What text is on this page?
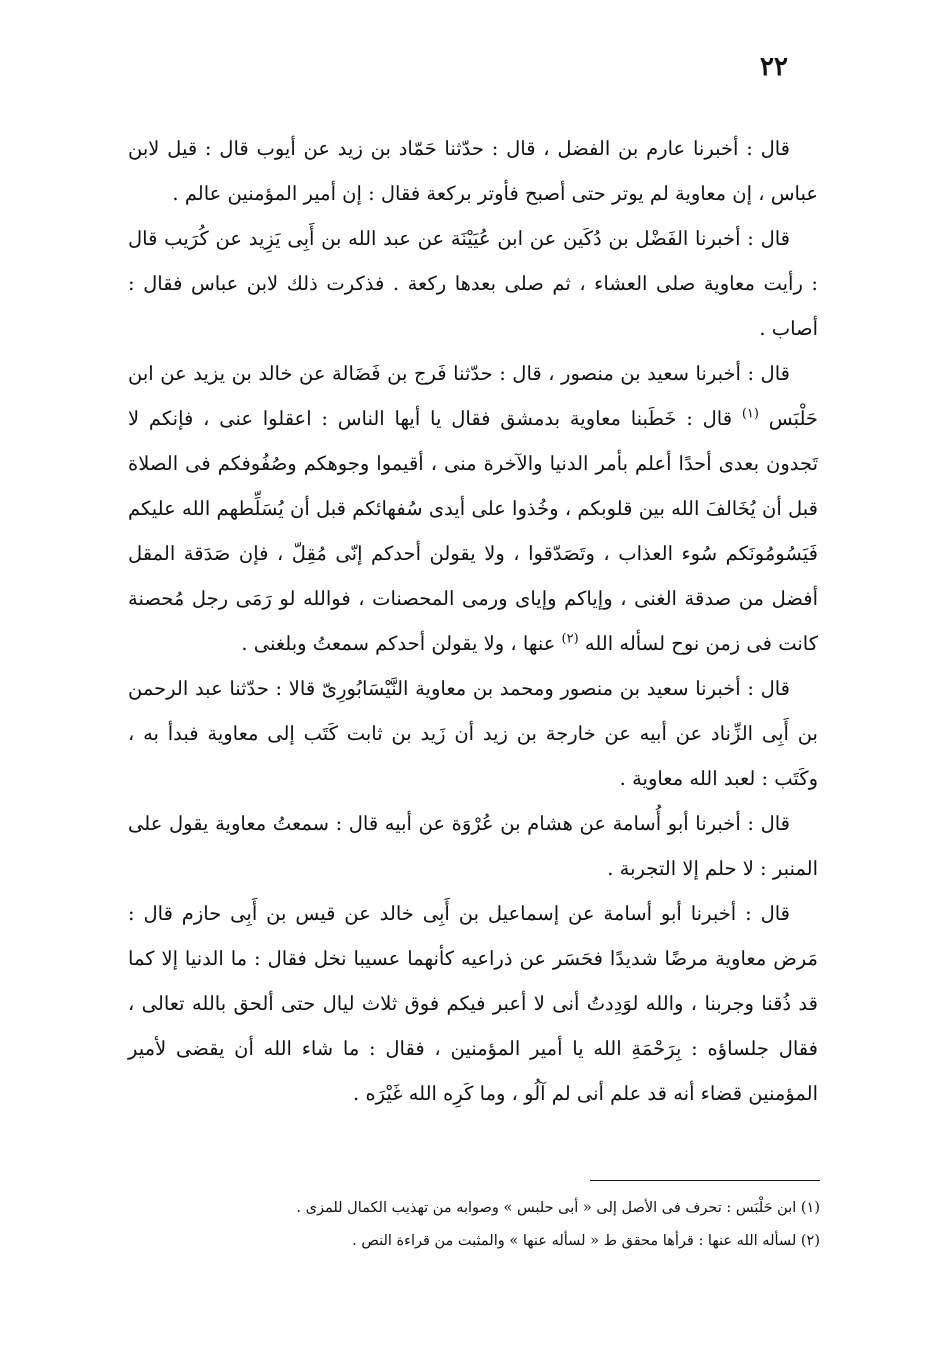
٢٢

قال : أخبرنا عارم بن الفضل ، قال : حدّثنا حَمّاد بن زيد عن أيوب قال : قيل لابن عباس ، إن معاوية لم يوتر حتى أصبح فأوتر بركعة فقال : إن أمير المؤمنين عالم .

قال : أخبرنا الفَضْل بن دُكَين عن ابن عُيَيْنَة عن عبد الله بن أَبِى يَزِيد عن كُرَيب قال : رأيت معاوية صلى العشاء ، ثم صلى بعدها ركعة . فذكرت ذلك لابن عباس فقال : أصاب .

قال : أخبرنا سعيد بن منصور ، قال : حدّثنا فَرج بن فَضَالة عن خالد بن يزيد عن ابن حَلْبَس $^{(١)}$ قال : خَطَبنا معاوية بدمشق فقال يا أيها الناس : اعقلوا عنى ، فإنكم لا تَجدون بعدى أحدًا أعلم بأمر الدنيا والآخرة منى ، أقيموا وجوهكم وصُفُوفكم فى الصلاة قبل أن يُخَالفَ الله بين قلوبكم ، وخُذوا على أيدى سُفهائكم قبل أن يُسَلِّطهم الله عليكم فَيَسُومُونَكم سُوء العذاب ، وتَصَدّقوا ، ولا يقولن أحدكم إنّى مُقِلّ ، فإن صَدَقة المقل أفضل من صدقة الغنى ، وإياكم وإياى ورمى المحصنات ، فوالله لو رَمَى رجل مُحصنة كانت فى زمن نوح لسأله الله $^{(٢)}$ عنها ، ولا يقولن أحدكم سمعتُ وبلغنى .

قال : أخبرنا سعيد بن منصور ومحمد بن معاوية النَّيْسَابُورِىّ قالا : حدّثنا عبد الرحمن بن أَبِى الزِّناد عن أبيه عن خارجة بن زيد أن زَيد بن ثابت كَتَب إلى معاوية فبدأ به ، وكَتَب : لعبد الله معاوية .

قال : أخبرنا أبو أُسامة عن هشام بن عُرْوَة عن أبيه قال : سمعتُ معاوية يقول على المنبر : لا حلم إلا التجربة .

قال : أخبرنا أبو أسامة عن إسماعيل بن أَبِى خالد عن قيس بن أَبِى حازم قال : مَرض معاوية مرضًا شديدًا فحَسَر عن ذراعيه كأنهما عسيبا نخل فقال : ما الدنيا إلا كما قد ذُقنا وجربنا ، والله لوَدِدتُ أنى لا أعبر فيكم فوق ثلاث ليال حتى ألحق بالله تعالى ، فقال جلساؤه : بِرَحْمَةِ الله يا أمير المؤمنين ، فقال : ما شاء الله أن يقضى لأمير المؤمنين قضاء أنه قد علم أنى لم آلُو ، وما كَرِه الله غَيْرَه .

(١) ابن حَلْبَس : تحرف فى الأصل إلى « أبى حلبس » وصوابه من تهذيب الكمال للمزى .

(٢) لسأله الله عنها : قرأها محقق ط « لسأله عنها » والمثبت من قراءة النص .
